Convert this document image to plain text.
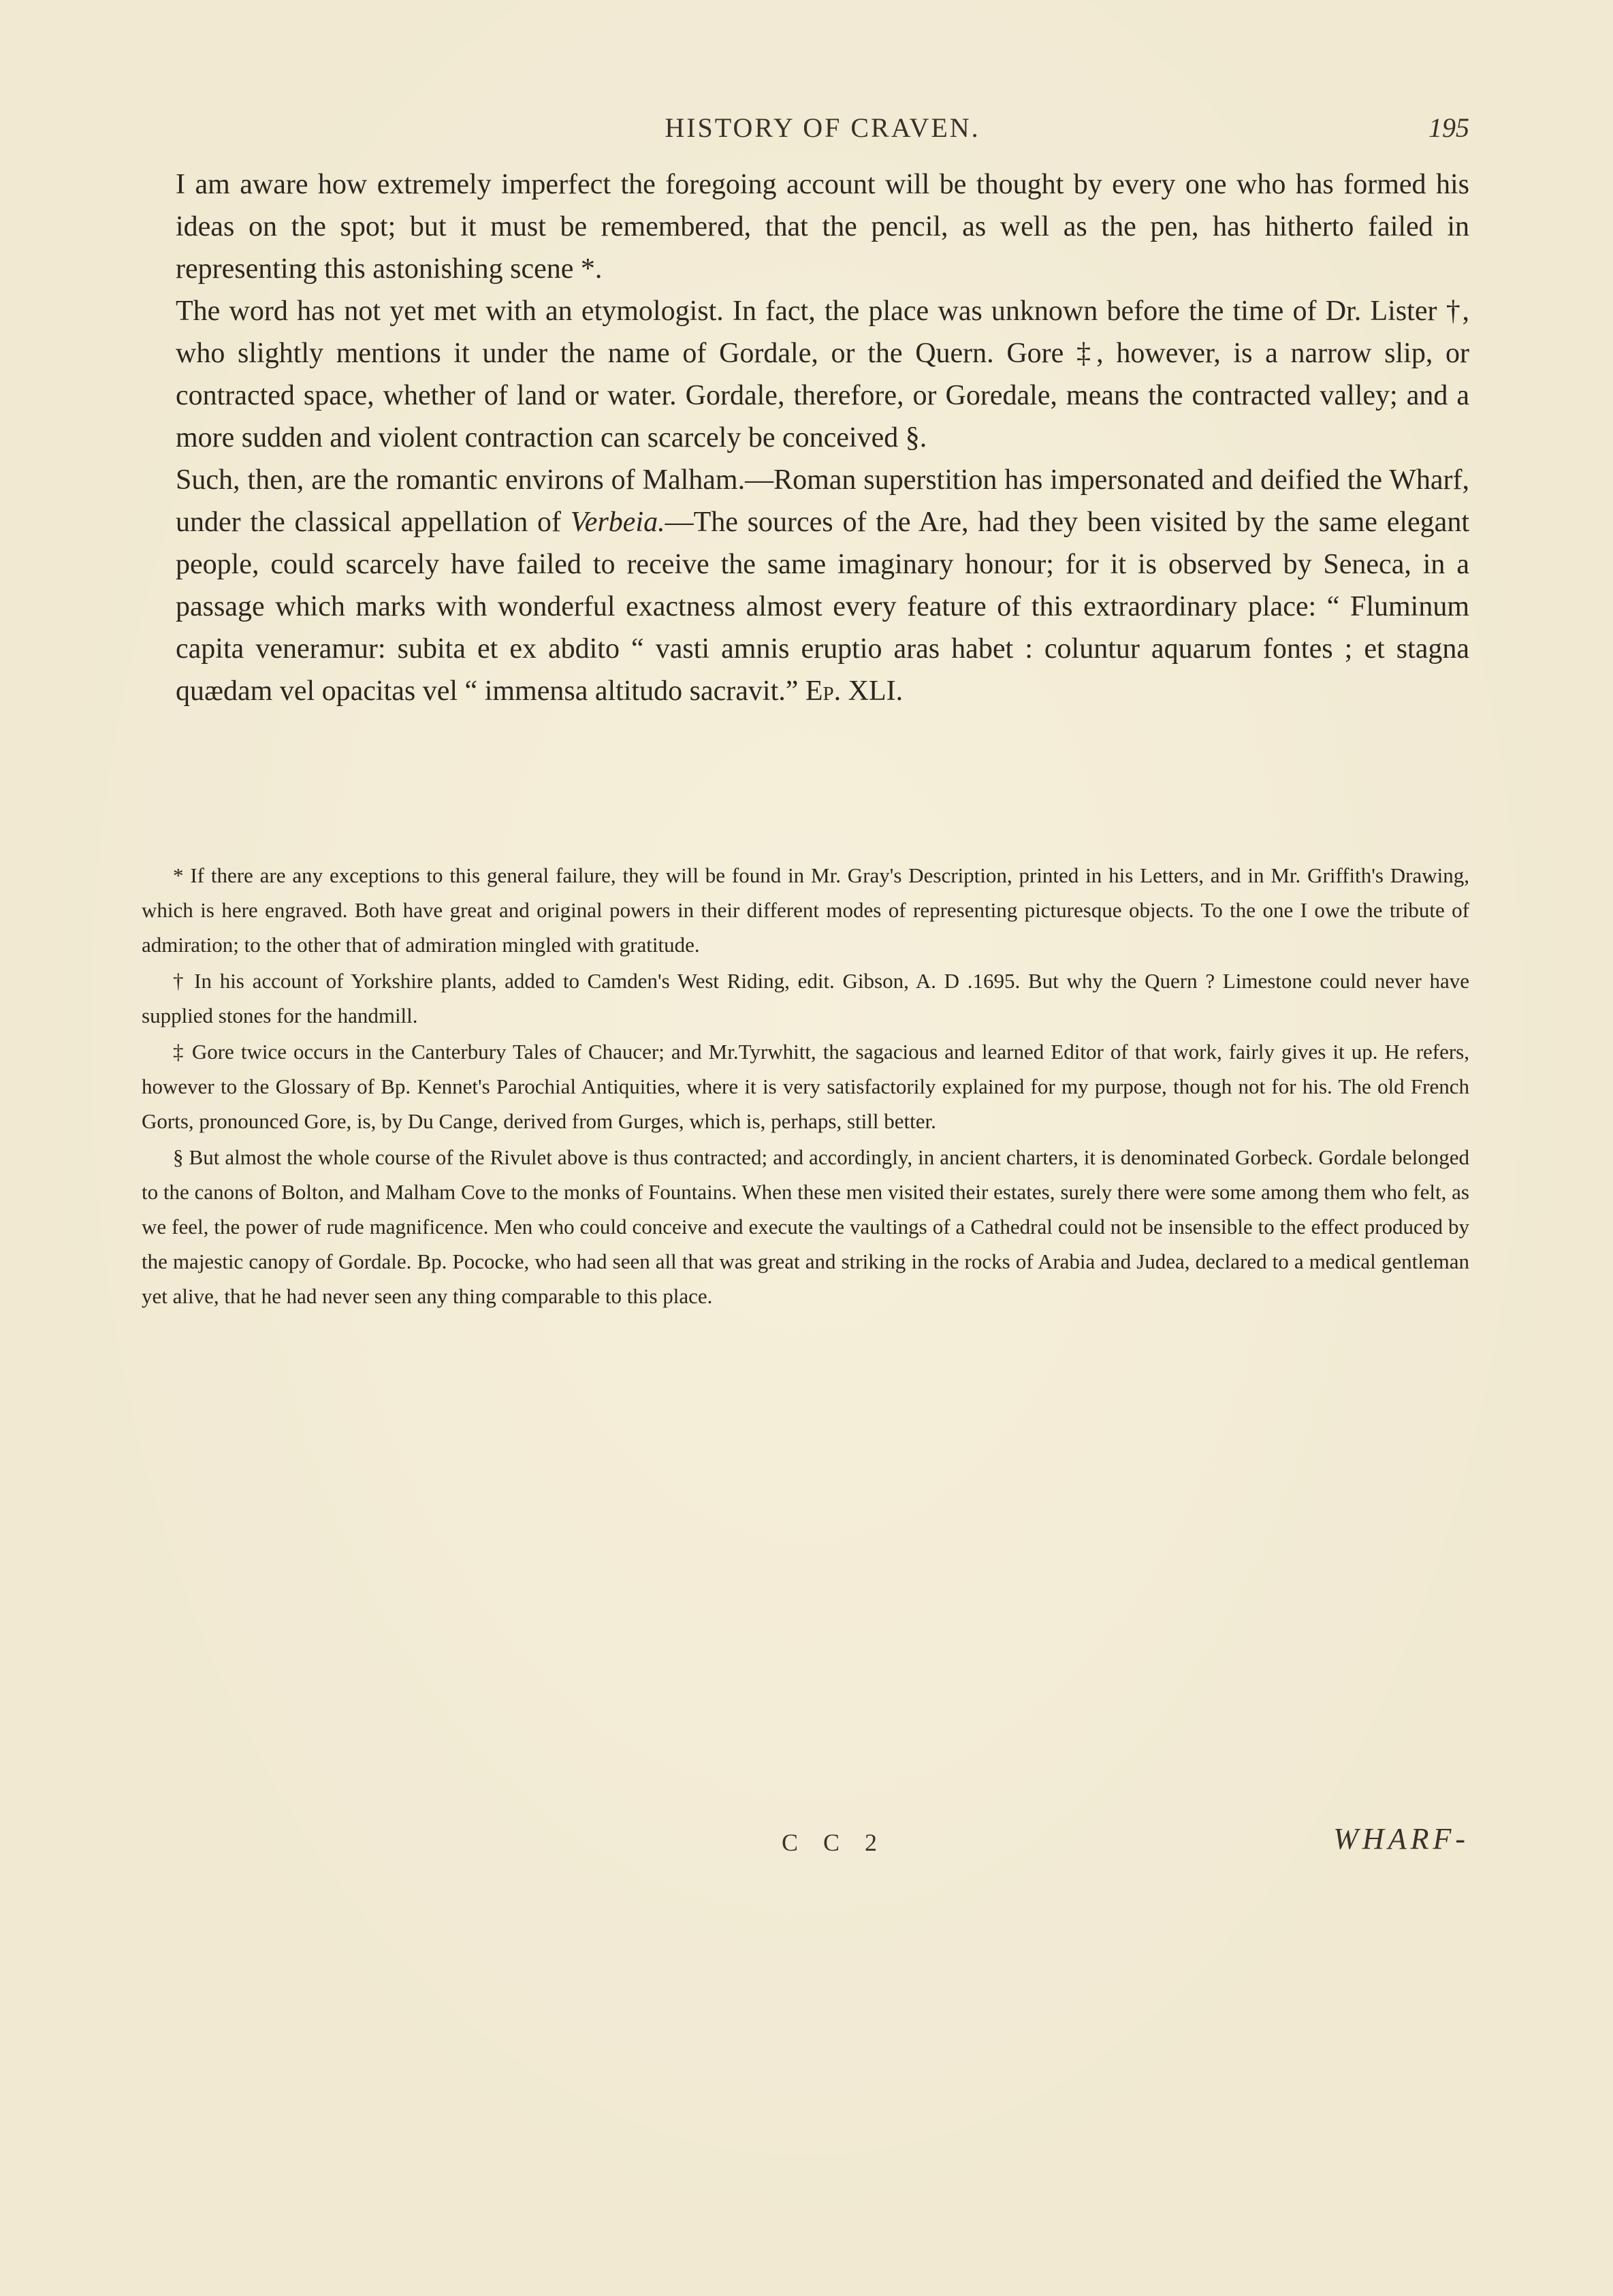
HISTORY OF CRAVEN.	195

I am aware how extremely imperfect the foregoing account will be thought by every one who has formed his ideas on the spot; but it must be remembered, that the pencil, as well as the pen, has hitherto failed in representing this astonishing scene *.

The word has not yet met with an etymologist. In fact, the place was unknown before the time of Dr. Lister †, who slightly mentions it under the name of Gordale, or the Quern. Gore ‡, however, is a narrow slip, or contracted space, whether of land or water. Gordale, therefore, or Goredale, means the contracted valley; and a more sudden and violent contraction can scarcely be conceived §.

Such, then, are the romantic environs of Malham.—Roman superstition has impersonated and deified the Wharf, under the classical appellation of Verbeia.—The sources of the Are, had they been visited by the same elegant people, could scarcely have failed to receive the same imaginary honour; for it is observed by Seneca, in a passage which marks with wonderful exactness almost every feature of this extraordinary place: “ Fluminum capita veneramur: subita et ex abdito “ vasti amnis eruptio aras habet : coluntur aquarum fontes ; et stagna quædam vel opacitas vel “ immensa altitudo sacravit.” Ep. XLI.

* If there are any exceptions to this general failure, they will be found in Mr. Gray's Description, printed in his Letters, and in Mr. Griffith's Drawing, which is here engraved. Both have great and original powers in their different modes of representing picturesque objects. To the one I owe the tribute of admiration; to the other that of admiration mingled with gratitude.

† In his account of Yorkshire plants, added to Camden's West Riding, edit. Gibson, A. D .1695. But why the Quern ? Limestone could never have supplied stones for the handmill.

‡ Gore twice occurs in the Canterbury Tales of Chaucer; and Mr.Tyrwhitt, the sagacious and learned Editor of that work, fairly gives it up. He refers, however to the Glossary of Bp. Kennet's Parochial Antiquities, where it is very satisfactorily explained for my purpose, though not for his. The old French Gorts, pronounced Gore, is, by Du Cange, derived from Gurges, which is, perhaps, still better.

§ But almost the whole course of the Rivulet above is thus contracted; and accordingly, in ancient charters, it is denominated Gorbeck. Gordale belonged to the canons of Bolton, and Malham Cove to the monks of Fountains. When these men visited their estates, surely there were some among them who felt, as we feel, the power of rude magnificence. Men who could conceive and execute the vaultings of a Cathedral could not be insensible to the effect produced by the majestic canopy of Gordale. Bp. Pococke, who had seen all that was great and striking in the rocks of Arabia and Judea, declared to a medical gentleman yet alive, that he had never seen any thing comparable to this place.

C C 2	WHARF-
